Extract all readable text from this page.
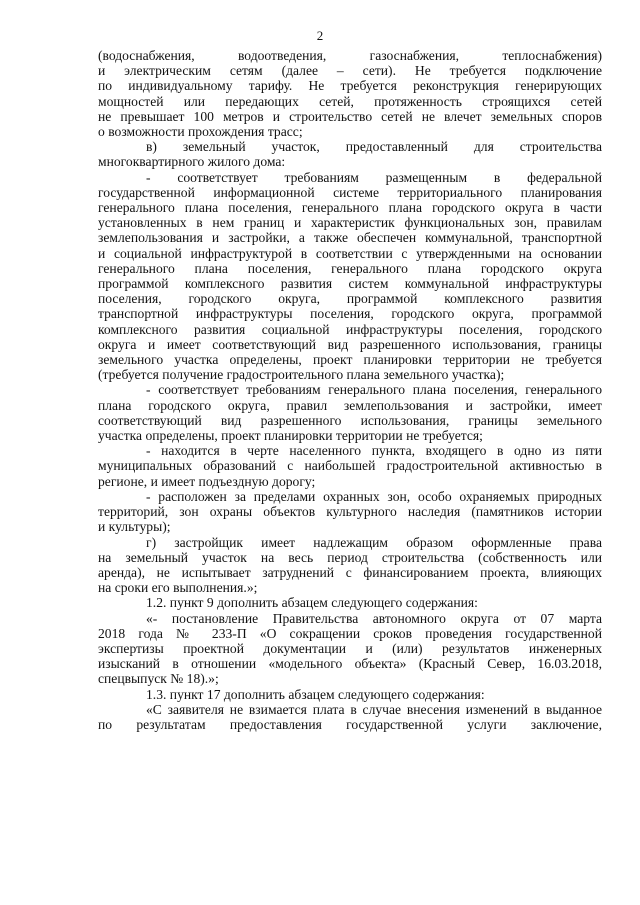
2
(водоснабжения, водоотведения, газоснабжения, теплоснабжения)
и электрическим сетям (далее – сети). Не требуется подключение
по индивидуальному тарифу. Не требуется реконструкция генерирующих
мощностей или передающих сетей, протяженность строящихся сетей
не превышает 100 метров и строительство сетей не влечет земельных споров
о возможности прохождения трасс;
в) земельный участок, предоставленный для строительства
многоквартирного жилого дома:
- соответствует требованиям размещенным в федеральной
государственной информационной системе территориального планирования
генерального плана поселения, генерального плана городского округа в части
установленных в нем границ и характеристик функциональных зон, правилам
землепользования и застройки, а также обеспечен коммунальной, транспортной
и социальной инфраструктурой в соответствии с утвержденными на основании
генерального плана поселения, генерального плана городского округа
программой комплексного развития систем коммунальной инфраструктуры
поселения, городского округа, программой комплексного развития
транспортной инфраструктуры поселения, городского округа, программой
комплексного развития социальной инфраструктуры поселения, городского
округа и имеет соответствующий вид разрешенного использования, границы
земельного участка определены, проект планировки территории не требуется
(требуется получение градостроительного плана земельного участка);
- соответствует требованиям генерального плана поселения, генерального
плана городского округа, правил землепользования и застройки, имеет
соответствующий вид разрешенного использования, границы земельного
участка определены, проект планировки территории не требуется;
- находится в черте населенного пункта, входящего в одно из пяти
муниципальных образований с наибольшей градостроительной активностью в
регионе, и имеет подъездную дорогу;
- расположен за пределами охранных зон, особо охраняемых природных
территорий, зон охраны объектов культурного наследия (памятников истории
и культуры);
г) застройщик имеет надлежащим образом оформленные права
на земельный участок на весь период строительства (собственность или
аренда), не испытывает затруднений с финансированием проекта, влияющих
на сроки его выполнения.»;
1.2. пункт 9 дополнить абзацем следующего содержания:
«- постановление Правительства автономного округа от 07 марта
2018 года № 233-П «О сокращении сроков проведения государственной
экспертизы проектной документации и (или) результатов инженерных
изысканий в отношении «модельного объекта» (Красный Север, 16.03.2018,
спецвыпуск № 18).»;
1.3. пункт 17 дополнить абзацем следующего содержания:
«С заявителя не взимается плата в случае внесения изменений в выданное
по результатам предоставления государственной услуги заключение,
